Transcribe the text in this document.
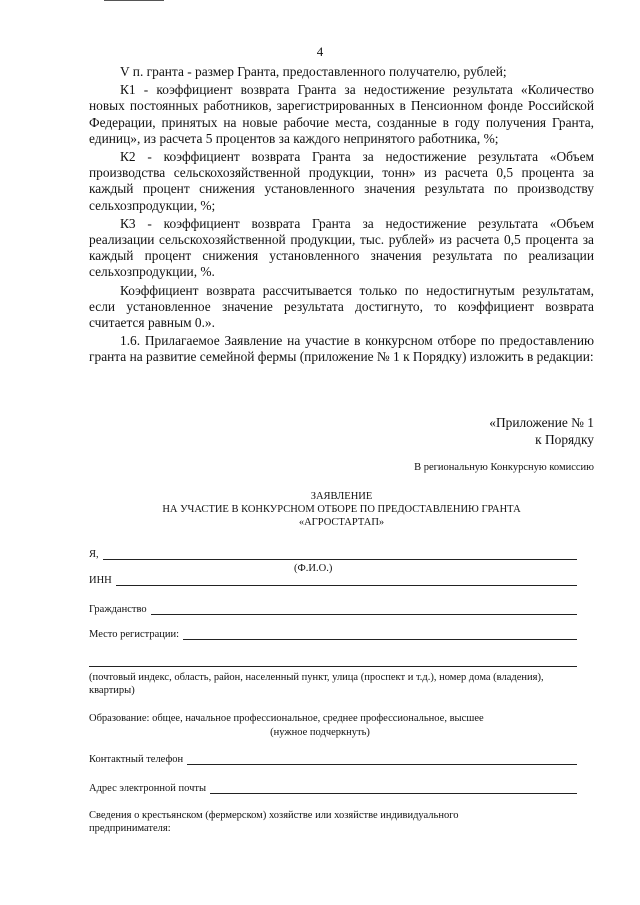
4

V п. гранта - размер Гранта, предоставленного получателю, рублей;

К1 - коэффициент возврата Гранта за недостижение результата «Количество новых постоянных работников, зарегистрированных в Пенсионном фонде Российской Федерации, принятых на новые рабочие места, созданные в году получения Гранта, единиц», из расчета 5 процентов за каждого непринятого работника, %;

К2 - коэффициент возврата Гранта за недостижение результата «Объем производства сельскохозяйственной продукции, тонн» из расчета 0,5 процента за каждый процент снижения установленного значения результата по производству сельхозпродукции, %;

К3 - коэффициент возврата Гранта за недостижение результата «Объем реализации сельскохозяйственной продукции, тыс. рублей» из расчета 0,5 процента за каждый процент снижения установленного значения результата по реализации сельхозпродукции, %.

Коэффициент возврата рассчитывается только по недостигнутым результатам, если установленное значение результата достигнуто, то коэффициент возврата считается равным 0.».

1.6. Прилагаемое Заявление на участие в конкурсном отборе по предоставлению гранта на развитие семейной фермы (приложение № 1 к Порядку) изложить в редакции:

«Приложение № 1
к Порядку
В региональную Конкурсную комиссию
ЗАЯВЛЕНИЕ
НА УЧАСТИЕ В КОНКУРСНОМ ОТБОРЕ ПО ПРЕДОСТАВЛЕНИЮ ГРАНТА
«АГРОСТАРТАП»
Я,
(Ф.И.О.)
ИНН
Гражданство
Место регистрации:
(почтовый индекс, область, район, населенный пункт, улица (проспект и т.д.), номер дома (владения), квартиры)
Образование: общее, начальное профессиональное, среднее профессиональное, высшее
(нужное подчеркнуть)
Контактный телефон
Адрес электронной почты
Сведения о крестьянском (фермерском) хозяйстве или хозяйстве индивидуального предпринимателя:
